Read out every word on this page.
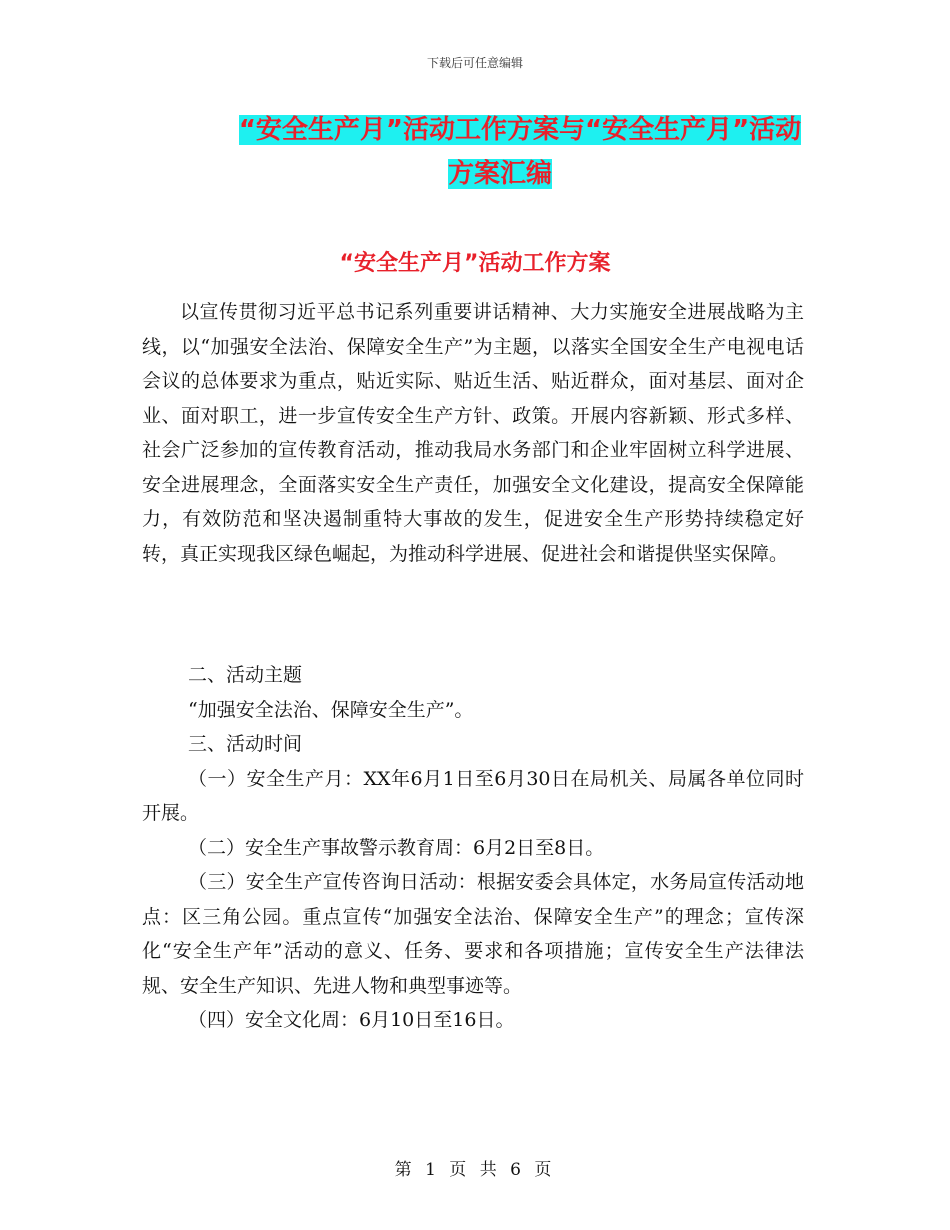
下载后可任意编辑
“安全生产月”活动工作方案与“安全生产月”活动
方案汇编
“安全生产月”活动工作方案
以宣传贯彻习近平总书记系列重要讲话精神、大力实施安全进展战略为主线，以“加强安全法治、保障安全生产”为主题，以落实全国安全生产电视电话会议的总体要求为重点，贴近实际、贴近生活、贴近群众，面对基层、面对企业、面对职工，进一步宣传安全生产方针、政策。开展内容新颖、形式多样、社会广泛参加的宣传教育活动，推动我局水务部门和企业牢固树立科学进展、安全进展理念，全面落实安全生产责任，加强安全文化建设，提高安全保障能力，有效防范和坚决遏制重特大事故的发生，促进安全生产形势持续稳定好转，真正实现我区绿色崛起，为推动科学进展、促进社会和谐提供坚实保障。
二、活动主题
“加强安全法治、保障安全生产”。
三、活动时间
（一）安全生产月：XX年6月1日至6月30日在局机关、局属各单位同时开展。
（二）安全生产事故警示教育周：6月2日至8日。
（三）安全生产宣传咨询日活动：根据安委会具体定，水务局宣传活动地点：区三角公园。重点宣传“加强安全法治、保障安全生产”的理念；宣传深化“安全生产年”活动的意义、任务、要求和各项措施；宣传安全生产法律法规、安全生产知识、先进人物和典型事迹等。
（四）安全文化周：6月10日至16日。
第 1 页 共 6 页
